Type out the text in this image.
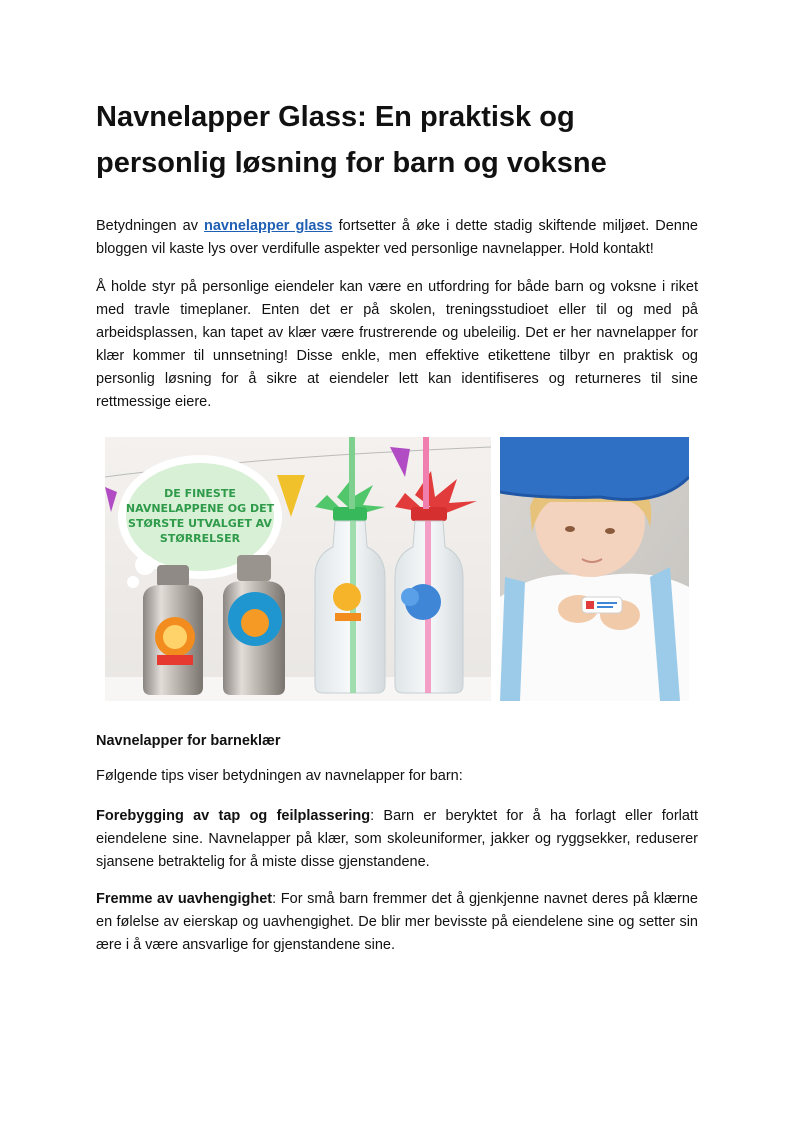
Navnelapper Glass: En praktisk og personlig løsning for barn og voksne

Betydningen av navnelapper glass fortsetter å øke i dette stadig skiftende miljøet. Denne bloggen vil kaste lys over verdifulle aspekter ved personlige navnelapper. Hold kontakt!

Å holde styr på personlige eiendeler kan være en utfordring for både barn og voksne i riket med travle timeplaner. Enten det er på skolen, treningsstudioet eller til og med på arbeidsplassen, kan tapet av klær være frustrerende og ubeleilig. Det er her navnelapper for klær kommer til unnsetning! Disse enkle, men effektive etikettene tilbyr en praktisk og personlig løsning for å sikre at eiendeler lett kan identifiseres og returneres til sine rettmessige eiere.

Navnelapper for barneklær

Følgende tips viser betydningen av navnelapper for barn:

Forebygging av tap og feilplassering: Barn er beryktet for å ha forlagt eller forlatt eiendelene sine. Navnelapper på klær, som skoleuniformer, jakker og ryggsekker, reduserer sjansene betraktelig for å miste disse gjenstandene.

Fremme av uavhengighet: For små barn fremmer det å gjenkjenne navnet deres på klærne en følelse av eierskap og uavhengighet. De blir mer bevisste på eiendelene sine og setter sin ære i å være ansvarlige for gjenstandene sine.

DE FINESTE
NAVNELAPPENE OG DET
STØRSTE UTVALGET AV
STØRRELSER
